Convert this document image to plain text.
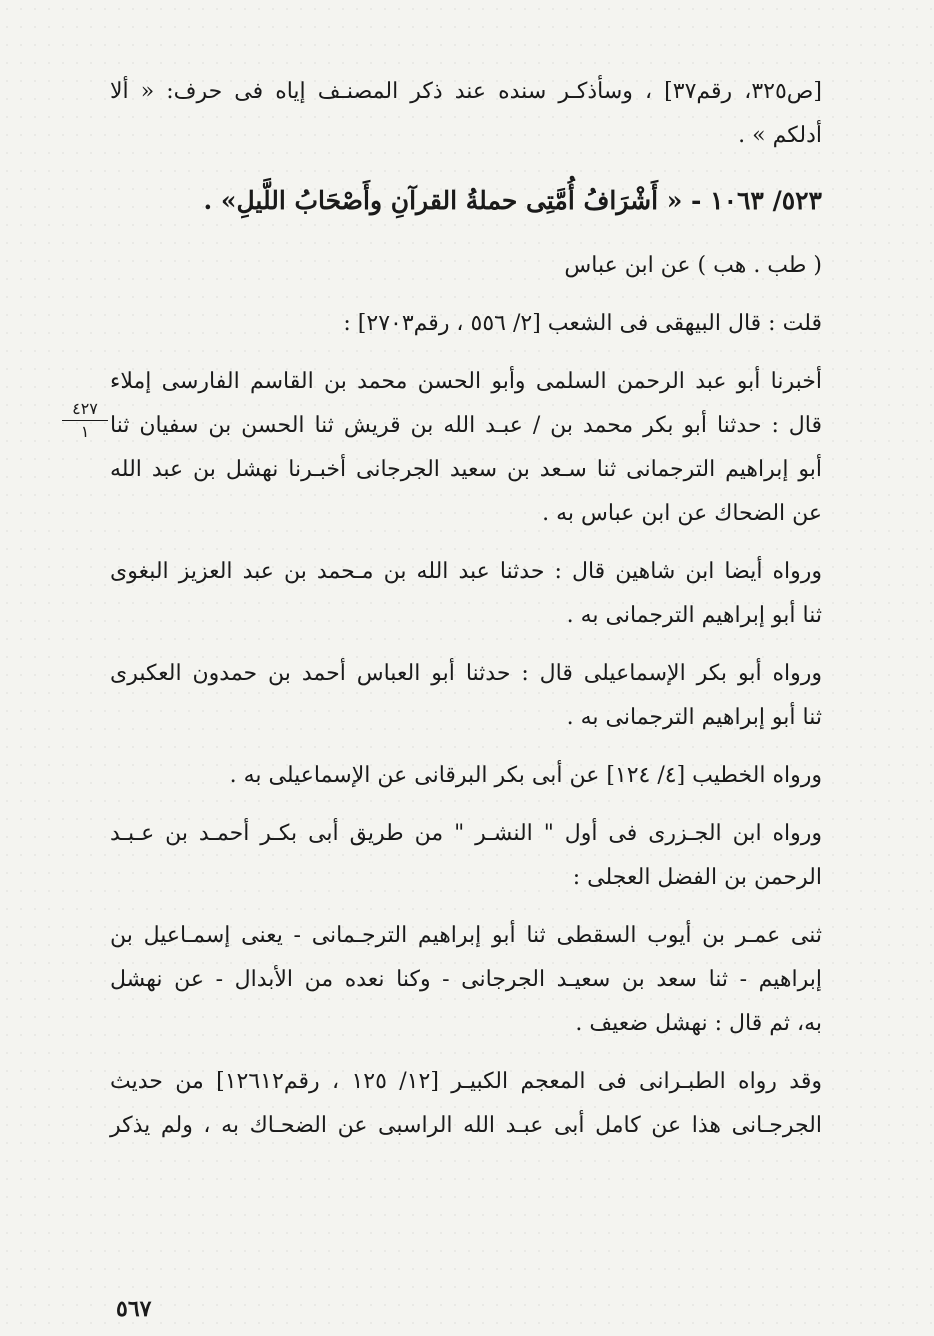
[ص٣٢٥، رقم٣٧] ، وسأذكـر سنده عند ذكر المصنـف إياه فى حرف: « ألا
أدلكم » .
٥٢٣/ ١٠٦٣ - « أَشْرَافُ أُمَّتِى حملةُ القرآنِ وأَصْحَابُ اللَّيلِ» .
( طب . هب ) عن ابن عباس
قلت : قال البيهقى فى الشعب [٢/ ٥٥٦ ، رقم٢٧٠٣] :
أخبرنا أبو عبد الرحمن السلمى وأبو الحسن محمد بن القاسم الفارسى إملاء
قال : حدثنا أبو بكر محمد بن / عبـد الله بن قريش ثنا الحسن بن سفيان ثنا
أبو إبراهيم الترجمانى ثنا سـعد بن سعيد الجرجانى أخبـرنا نهشل بن عبد الله
عن الضحاك عن ابن عباس به .
ورواه أيضا ابن شاهين قال : حدثنا عبد الله بن مـحمد بن عبد العزيز البغوى
ثنا أبو إبراهيم الترجمانى به .
ورواه أبو بكر الإسماعيلى قال : حدثنا أبو العباس أحمد بن حمدون العكبرى
ثنا أبو إبراهيم الترجمانى به .
ورواه الخطيب [٤/ ١٢٤] عن أبى بكر البرقانى عن الإسماعيلى به .
ورواه ابن الجـزرى فى أول " النشـر " من طريق أبى بكـر أحمـد بن عـبـد
الرحمن بن الفضل العجلى :
ثنى عمـر بن أيوب السقطى ثنا أبو إبراهيم الترجـمانى - يعنى إسمـاعيل بن
إبراهيم - ثنا سعد بن سعيـد الجرجانى - وكنا نعده من الأبدال - عن نهشل
به، ثم قال : نهشل ضعيف .
وقد رواه الطبـرانى فى المعجم الكبيـر [١٢/ ١٢٥ ، رقم١٢٦١٢] من حديث
الجرجـانى هذا عن كامل أبى عبـد الله الراسبى عن الضحـاك به ، ولم يذكر
٤٢٧
١
٥٦٧
